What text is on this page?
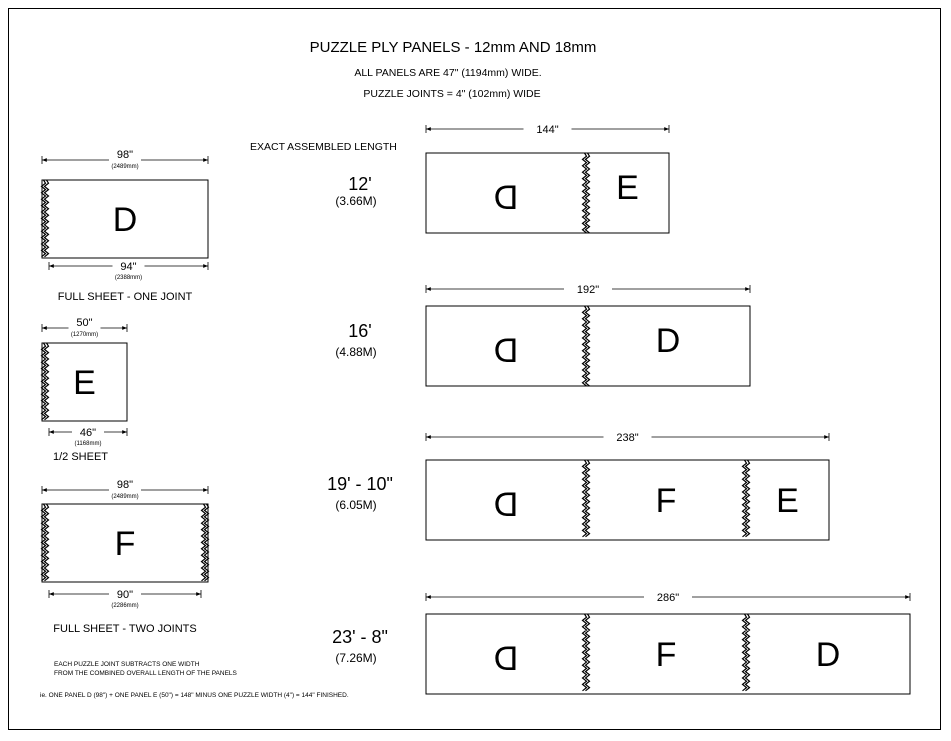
PUZZLE PLY PANELS - 12mm AND 18mm
ALL PANELS ARE 47" (1194mm) WIDE.
PUZZLE JOINTS = 4" (102mm) WIDE
EXACT ASSEMBLED LENGTH
D
98"
(2489mm)
94"
(2388mm)
FULL SHEET - ONE JOINT
E
50"
(1270mm)
46"
(1168mm)
1/2 SHEET
F
98"
(2489mm)
90"
(2286mm)
FULL SHEET - TWO JOINTS
12'
(3.66M)
144"
D	E
16'
(4.88M)
192"
D	D
19' - 10"
(6.05M)
238"
D	F	E
23' - 8"
(7.26M)
286"
D	F	D
EACH PUZZLE JOINT SUBTRACTS ONE WIDTH
FROM THE COMBINED OVERALL LENGTH OF THE PANELS
ie. ONE PANEL D (98") + ONE PANEL E (50") = 148" MINUS ONE PUZZLE WIDTH (4") = 144" FINISHED.
